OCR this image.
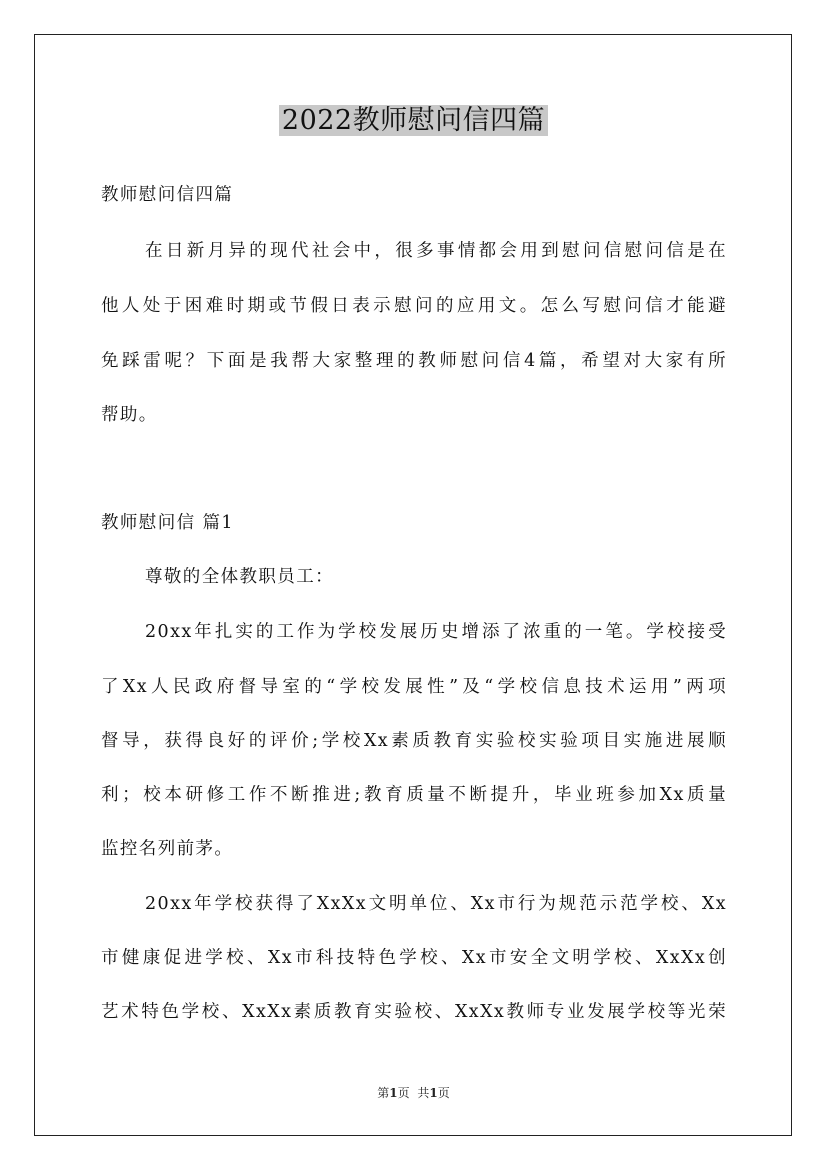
2022教师慰问信四篇
教师慰问信四篇
在日新月异的现代社会中，很多事情都会用到慰问信慰问信是在
他人处于困难时期或节假日表示慰问的应用文。怎么写慰问信才能避
免踩雷呢？下面是我帮大家整理的教师慰问信4篇，希望对大家有所
帮助。
教师慰问信 篇1
尊敬的全体教职员工：
20xx年扎实的工作为学校发展历史增添了浓重的一笔。学校接受
了Xx人民政府督导室的“学校发展性”及“学校信息技术运用”两项
督导，获得良好的评价;学校Xx素质教育实验校实验项目实施进展顺
利；校本研修工作不断推进;教育质量不断提升，毕业班参加Xx质量
监控名列前茅。
20xx年学校获得了XxXx文明单位、Xx市行为规范示范学校、Xx
市健康促进学校、Xx市科技特色学校、Xx市安全文明学校、XxXx创
艺术特色学校、XxXx素质教育实验校、XxXx教师专业发展学校等光荣
第1页 共1页
